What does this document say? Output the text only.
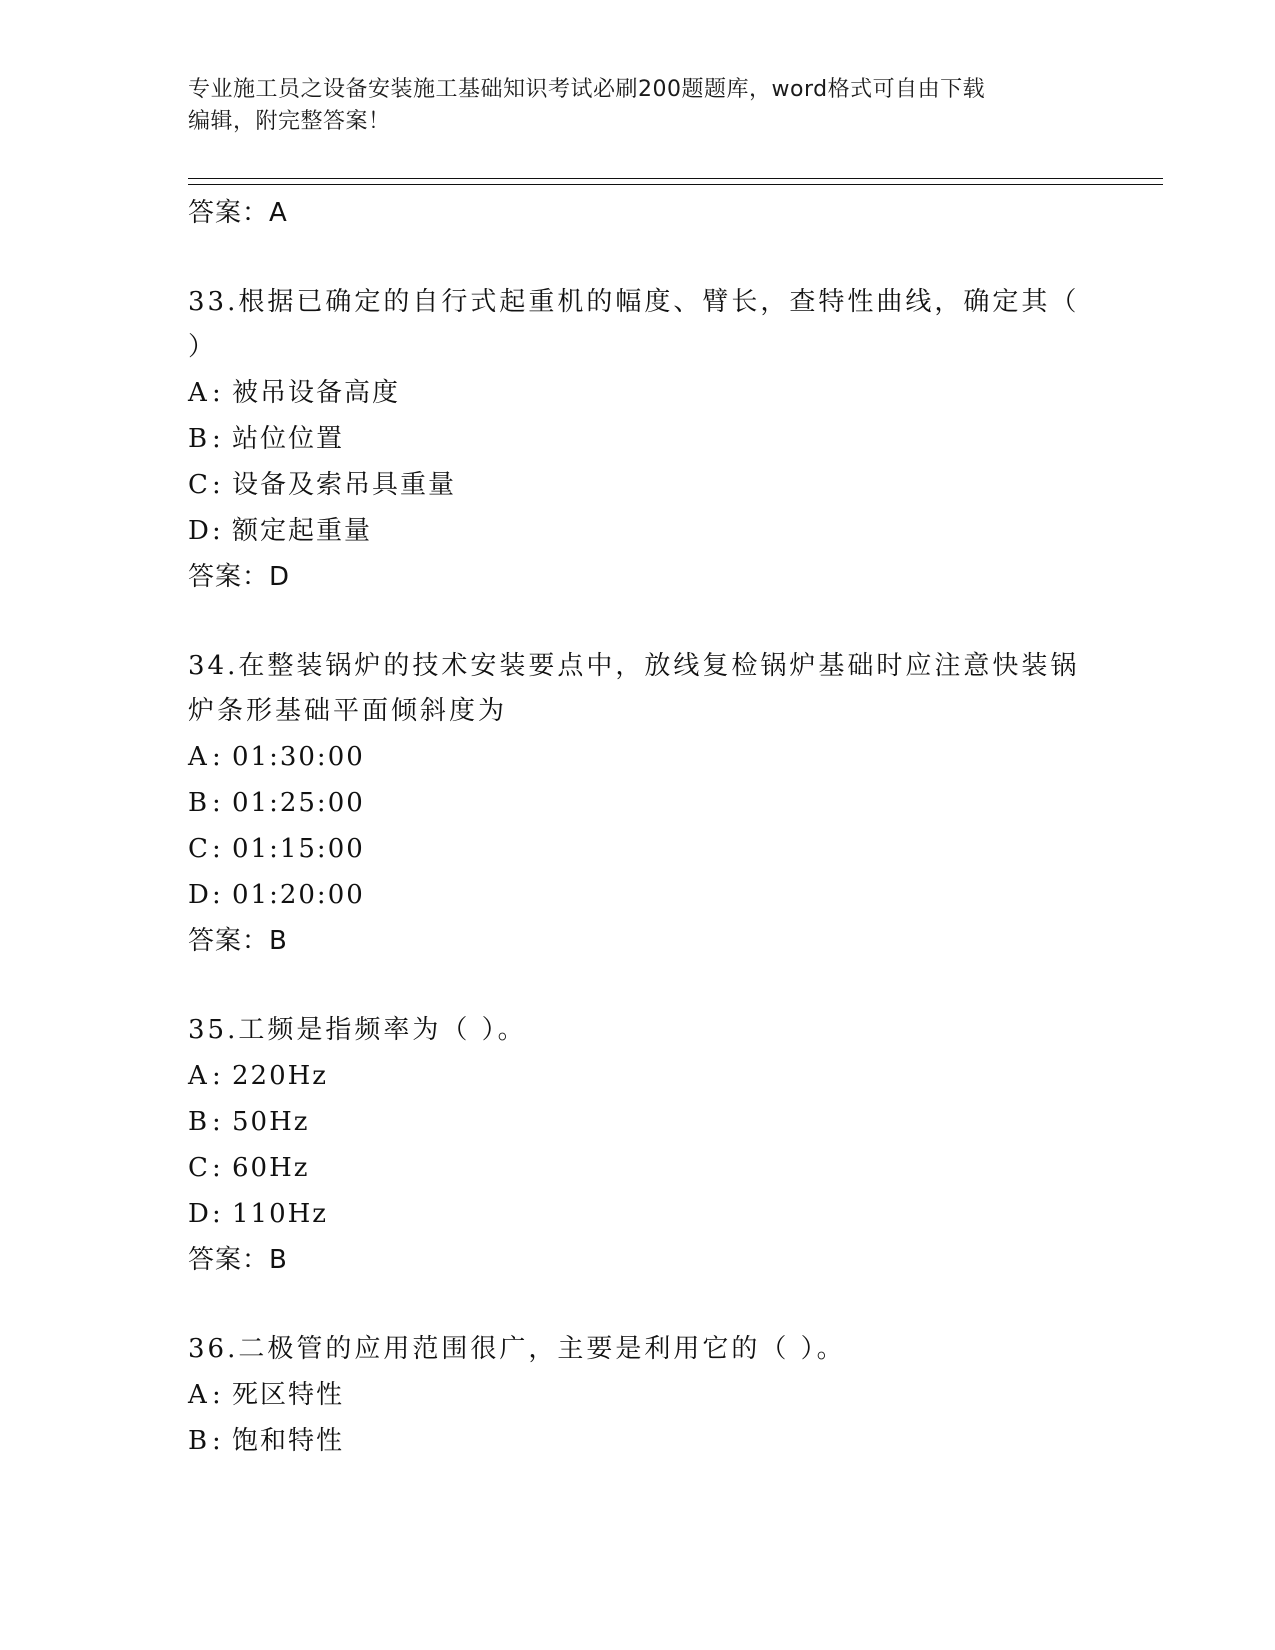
专业施工员之设备安装施工基础知识考试必刷200题题库，word格式可自由下载
编辑，附完整答案！
答案：A
33.根据已确定的自行式起重机的幅度、臂长，查特性曲线，确定其（
）
A : 被吊设备高度
B : 站位位置
C: 设备及索吊具重量
D: 额定起重量
答案：D
34.在整装锅炉的技术安装要点中，放线复检锅炉基础时应注意快装锅
炉条形基础平面倾斜度为
A : 01:30:00
B : 01:25:00
C: 01:15:00
D: 01:20:00
答案：B
35.工频是指频率为（ ）。
A : 220Hz
B : 50Hz
C: 60Hz
D: 110Hz
答案：B
36.二极管的应用范围很广，主要是利用它的（ ）。
A : 死区特性
B : 饱和特性
